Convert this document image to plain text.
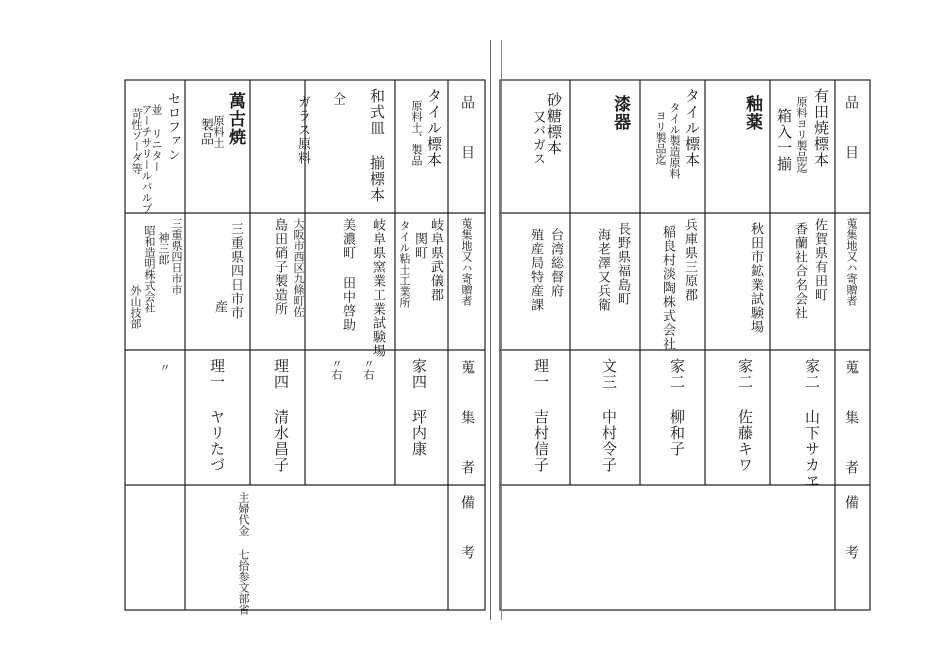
品 目
蒐集地又ハ寄贈者
蒐 集 者
備 考
有田焼標本
原料ヨリ製品迄
箱入一揃
佐賀県有田町
香蘭社合名会社
家二 山下サカヱ
釉薬
秋田市鉱業試験場
家二 佐藤キワ
タイル標本
タイル製造原料
ヨリ製品迄
兵庫県三原郡
稲良村淡陶株式会社
家二 柳和子
漆器
長野県福島町
海老澤又兵衛
文三 中村令子
砂糖標本
又バガス
台湾総督府
殖産局特産課
理一 吉村信子
品 目
蒐集地又ハ寄贈者
蒐 集 者
備 考
タイル標本
原料土、製品
岐阜県武儀郡
関町
タイル粘土工業所
家四 坪内康
和式皿 揃標本
岐阜県窯業工業試験場
〃右
仝
美濃町 田中啓助
〃右
ガラス原料
大阪市西区九條町佐
島田硝子製造所
理四 清水昌子
萬古焼
原料土
製品
三重県四日市市
産
理一 ヤリたづ
主婦代金 七拾参文部省
セロファン
並 リニター
アーチサリールパルプ
苛性ソーダ等
三重県四日市市
神三郎
昭和造明株式会社
外山技部
〃
